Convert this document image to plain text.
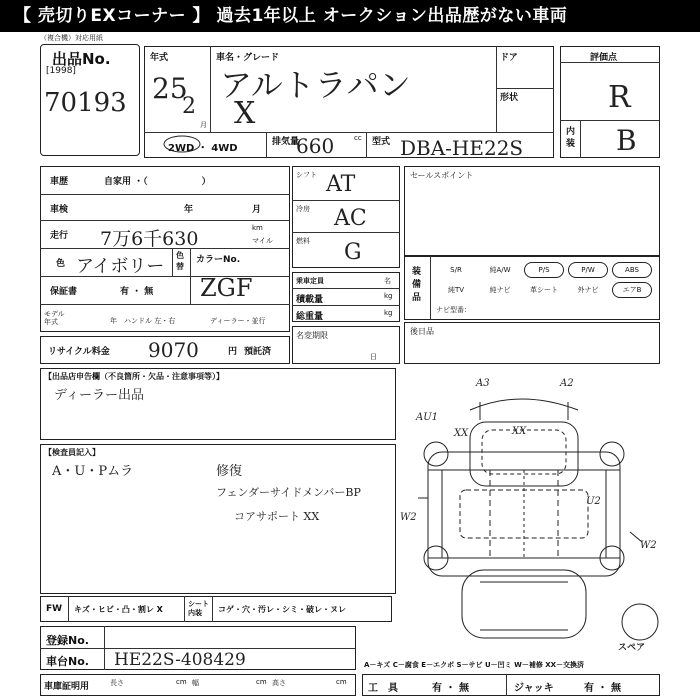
【 売切りEXコーナー 】 過去1年以上 オークション出品歴がない車両
（複合機）対応用紙
出品No.
[1998]
70193
年式
25
2
月
車名・グレード
アルトラパン
X
ドア
形状
2WD ・ 4WD
排気量
660	cc 型式 DBA-HE22S
評価点
R
内装 B
車歴	自家用 ・（　　　　　　）
車検	年	月
走行 7万6千630	km
マイル
色 アイボリー
色替
カラーNo.
ZGF
保証書	有 ・ 無
モデル年式	年 ハンドル 左・右	ディーラー・並行
リサイクル料金 9070	円 預託済
シフト AT
冷房 AC
燃料 G
乗車定員	名
積載量	kg
総重量	kg
名変期限
日
セールスポイント
装備品
S/R	純A/W	P/S	P/W	ABS
純TV	純ナビ	革シート	外ナビ	エアB
ナビ型番：
後日品
【出品店申告欄（不良箇所・欠品・注意事項等）】
ディーラー出品
【検査員記入】
A・U・Pムラ	修復
フェンダーサイドメンバーBP
コアサポート XX
A3	A2
AU1
XX	XX
U2
W2
W2
スペア
FW キズ・ヒビ・凸・割レ X
シート内装	コゲ・穴・汚レ・シミ・破レ・ヌレ
登録No.
車台No. HE22S-408429
車庫証明用	長さ	cm 幅	cm 高さ	cm
A－キズ C－腐食 E－エクボ S－サビ U－凹ミ W－補修 XX－交換済
工　具	有 ・ 無	ジャッキ	有 ・ 無
